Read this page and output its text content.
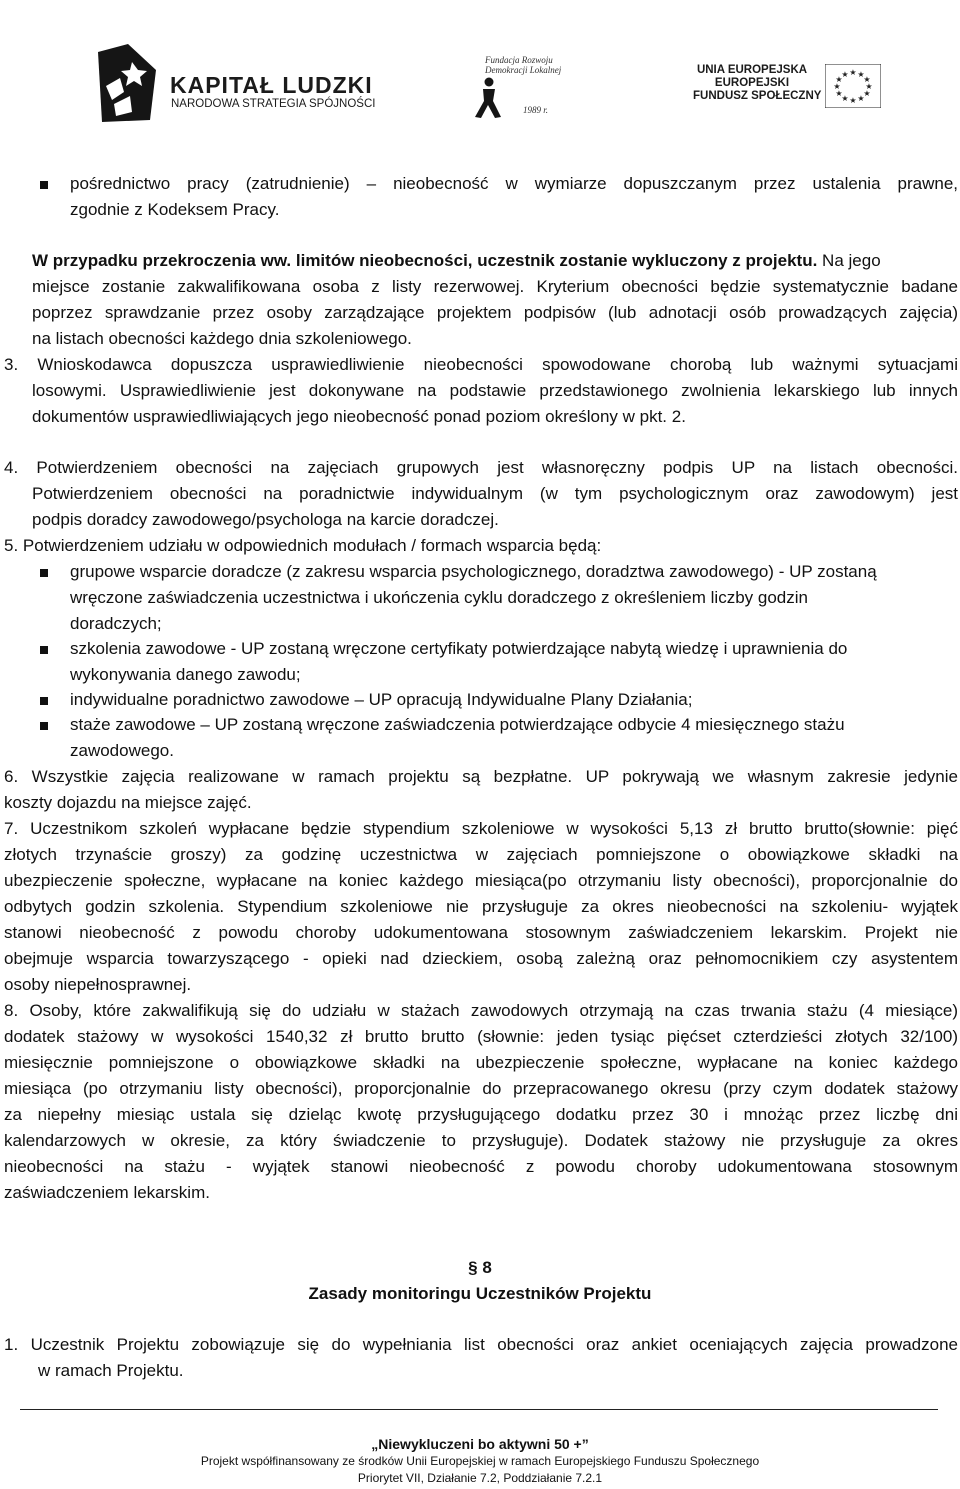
KAPITAŁ LUDZKI
NARODOWA STRATEGIA SPÓJNOŚCI
Fundacja Rozwoju
Demokracji Lokalnej
1989 r.
UNIA EUROPEJSKA
EUROPEJSKI
FUNDUSZ SPOŁECZNY
★ ★
★
★
★
★
★
★
★
★
★
★
pośrednictwo pracy (zatrudnienie) – nieobecność w wymiarze dopuszczanym przez ustalenia prawne,
zgodnie z Kodeksem Pracy.
W przypadku przekroczenia ww. limitów nieobecności, uczestnik zostanie wykluczony z projektu. Na jego
miejsce zostanie zakwalifikowana osoba z listy rezerwowej. Kryterium obecności będzie systematycznie badane
poprzez sprawdzanie przez osoby zarządzające projektem podpisów (lub adnotacji osób prowadzących zajęcia)
na listach obecności każdego dnia szkoleniowego.
3. Wnioskodawca dopuszcza usprawiedliwienie nieobecności spowodowane chorobą lub ważnymi sytuacjami
losowymi. Usprawiedliwienie jest dokonywane na podstawie przedstawionego zwolnienia lekarskiego lub innych
dokumentów usprawiedliwiających jego nieobecność ponad poziom określony w pkt. 2.
4. Potwierdzeniem obecności na zajęciach grupowych jest własnoręczny podpis UP na listach obecności.
Potwierdzeniem obecności na poradnictwie indywidualnym (w tym psychologicznym oraz zawodowym) jest
podpis doradcy zawodowego/psychologa na karcie doradczej.
5. Potwierdzeniem udziału w odpowiednich modułach / formach wsparcia będą:
grupowe wsparcie doradcze (z zakresu wsparcia psychologicznego, doradztwa zawodowego) - UP zostaną
wręczone zaświadczenia uczestnictwa i ukończenia cyklu doradczego z określeniem liczby godzin
doradczych;
szkolenia zawodowe - UP zostaną wręczone certyfikaty potwierdzające nabytą wiedzę i uprawnienia do
wykonywania danego zawodu;
indywidualne poradnictwo zawodowe – UP opracują Indywidualne Plany Działania;
staże zawodowe – UP zostaną wręczone zaświadczenia potwierdzające odbycie 4 miesięcznego stażu
zawodowego.
6. Wszystkie zajęcia realizowane w ramach projektu są bezpłatne. UP pokrywają we własnym zakresie jedynie
koszty dojazdu na miejsce zajęć.
7. Uczestnikom szkoleń wypłacane będzie stypendium szkoleniowe w wysokości 5,13 zł brutto brutto(słownie: pięć
złotych trzynaście groszy) za godzinę uczestnictwa w zajęciach pomniejszone o obowiązkowe składki na
ubezpieczenie społeczne, wypłacane na koniec każdego miesiąca(po otrzymaniu listy obecności), proporcjonalnie do
odbytych godzin szkolenia. Stypendium szkoleniowe nie przysługuje za okres nieobecności na szkoleniu- wyjątek
stanowi nieobecność z powodu choroby udokumentowana stosownym zaświadczeniem lekarskim. Projekt nie
obejmuje wsparcia towarzyszącego - opieki nad dzieckiem, osobą zależną oraz pełnomocnikiem czy asystentem
osoby niepełnosprawnej.
8. Osoby, które zakwalifikują się do udziału w stażach zawodowych otrzymają na czas trwania stażu (4 miesiące)
dodatek stażowy w wysokości 1540,32 zł brutto brutto (słownie: jeden tysiąc pięćset czterdzieści złotych 32/100)
miesięcznie pomniejszone o obowiązkowe składki na ubezpieczenie społeczne, wypłacane na koniec każdego
miesiąca (po otrzymaniu listy obecności), proporcjonalnie do przepracowanego okresu (przy czym dodatek stażowy
za niepełny miesiąc ustala się dzieląc kwotę przysługującego dodatku przez 30 i mnożąc przez liczbę dni
kalendarzowych w okresie, za który świadczenie to przysługuje). Dodatek stażowy nie przysługuje za okres
nieobecności na stażu - wyjątek stanowi nieobecność z powodu choroby udokumentowana stosownym
zaświadczeniem lekarskim.
§ 8
Zasady monitoringu Uczestników Projektu
1. Uczestnik Projektu zobowiązuje się do wypełniania list obecności oraz ankiet oceniających zajęcia prowadzone
w ramach Projektu.
„Niewykluczeni bo aktywni 50 +”
Projekt współfinansowany ze środków Unii Europejskiej w ramach Europejskiego Funduszu Społecznego
Priorytet VII, Działanie 7.2, Poddziałanie 7.2.1
